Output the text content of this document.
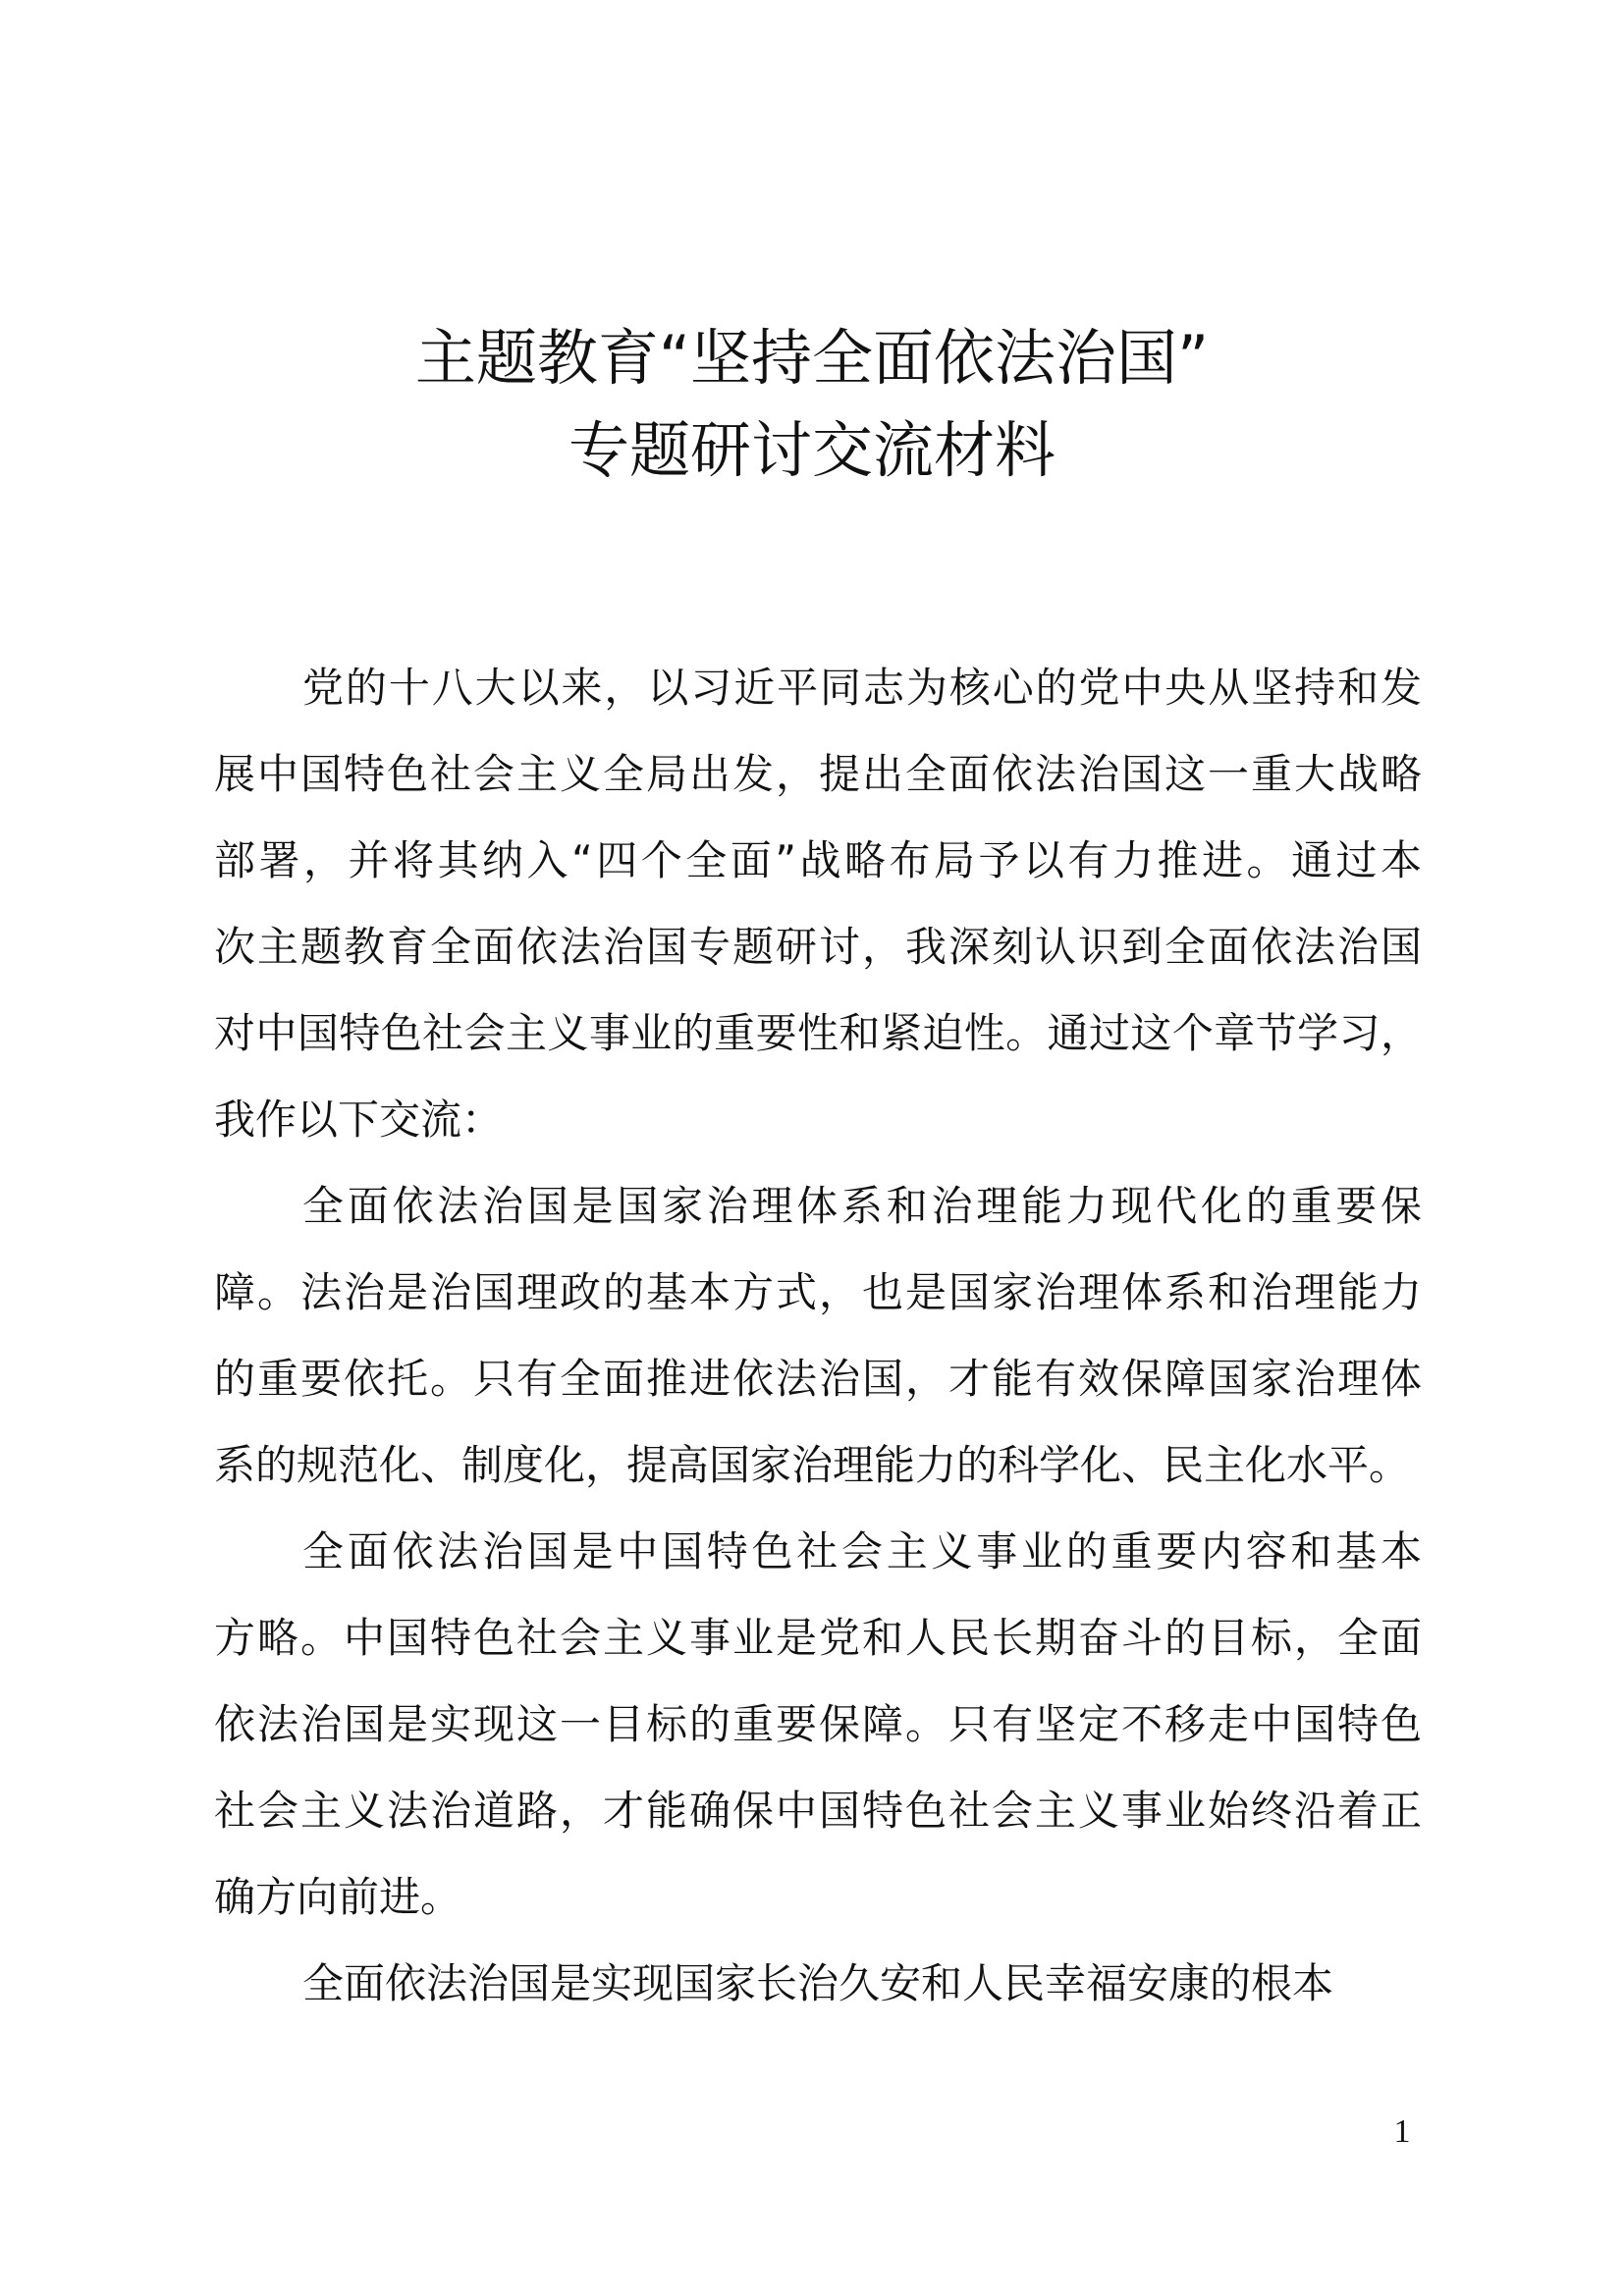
主题教育“坚持全面依法治国”
专题研讨交流材料
党的十八大以来，以习近平同志为核心的党中央从坚持和发
展中国特色社会主义全局出发，提出全面依法治国这一重大战略
部署，并将其纳入“四个全面”战略布局予以有力推进。通过本
次主题教育全面依法治国专题研讨，我深刻认识到全面依法治国
对中国特色社会主义事业的重要性和紧迫性。通过这个章节学习，
我作以下交流：
全面依法治国是国家治理体系和治理能力现代化的重要保
障。法治是治国理政的基本方式，也是国家治理体系和治理能力
的重要依托。只有全面推进依法治国，才能有效保障国家治理体
系的规范化、制度化，提高国家治理能力的科学化、民主化水平。
全面依法治国是中国特色社会主义事业的重要内容和基本
方略。中国特色社会主义事业是党和人民长期奋斗的目标，全面
依法治国是实现这一目标的重要保障。只有坚定不移走中国特色
社会主义法治道路，才能确保中国特色社会主义事业始终沿着正
确方向前进。
全面依法治国是实现国家长治久安和人民幸福安康的根本
1
